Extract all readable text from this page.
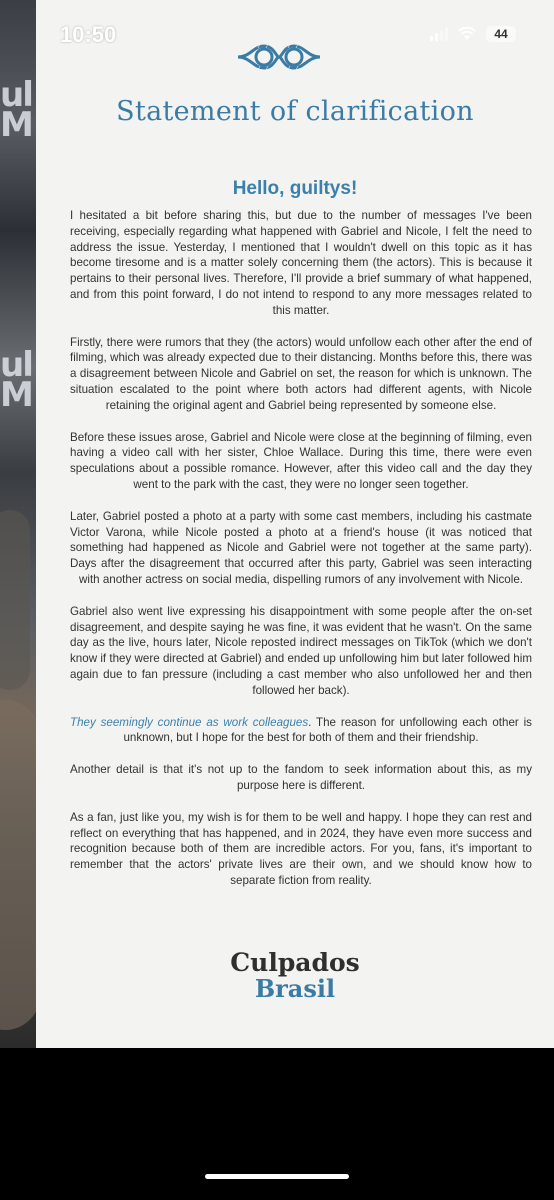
ul
M
ul
M
Statement of clarification
Hello, guiltys!

I hesitated a bit before sharing this, but due to the number of messages I've been receiving, especially regarding what happened with Gabriel and Nicole, I felt the need to address the issue. Yesterday, I mentioned that I wouldn't dwell on this topic as it has become tiresome and is a matter solely concerning them (the actors). This is because it pertains to their personal lives. Therefore, I'll provide a brief summary of what happened, and from this point forward, I do not intend to respond to any more messages related to this matter.

Firstly, there were rumors that they (the actors) would unfollow each other after the end of filming, which was already expected due to their distancing. Months before this, there was a disagreement between Nicole and Gabriel on set, the reason for which is unknown. The situation escalated to the point where both actors had different agents, with Nicole retaining the original agent and Gabriel being represented by someone else.

Before these issues arose, Gabriel and Nicole were close at the beginning of filming, even having a video call with her sister, Chloe Wallace. During this time, there were even speculations about a possible romance. However, after this video call and the day they went to the park with the cast, they were no longer seen together.

Later, Gabriel posted a photo at a party with some cast members, including his castmate Victor Varona, while Nicole posted a photo at a friend's house (it was noticed that something had happened as Nicole and Gabriel were not together at the same party). Days after the disagreement that occurred after this party, Gabriel was seen interacting with another actress on social media, dispelling rumors of any involvement with Nicole.

Gabriel also went live expressing his disappointment with some people after the on-set disagreement, and despite saying he was fine, it was evident that he wasn't. On the same day as the live, hours later, Nicole reposted indirect messages on TikTok (which we don't know if they were directed at Gabriel) and ended up unfollowing him but later followed him again due to fan pressure (including a cast member who also unfollowed her and then followed her back).

They seemingly continue as work colleagues. The reason for unfollowing each other is unknown, but I hope for the best for both of them and their friendship.

Another detail is that it's not up to the fandom to seek information about this, as my purpose here is different.

As a fan, just like you, my wish is for them to be well and happy. I hope they can rest and reflect on everything that has happened, and in 2024, they have even more success and recognition because both of them are incredible actors. For you, fans, it's important to remember that the actors' private lives are their own, and we should know how to separate fiction from reality.

Culpados
Brasil
10:50	44
